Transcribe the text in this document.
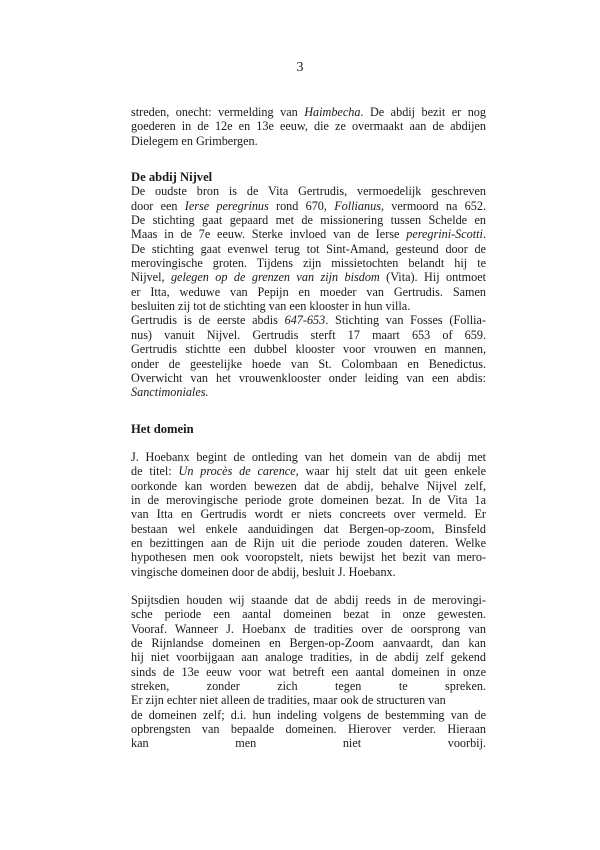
3
streden, onecht: vermelding van Haimbecha. De abdij bezit er nog
goederen in de 12e en 13e eeuw, die ze overmaakt aan de abdijen
Dielegem en Grimbergen.
De abdij Nijvel
De oudste bron is de Vita Gertrudis, vermoedelijk geschreven
door een Ierse peregrinus rond 670, Follianus, vermoord na 652.
De stichting gaat gepaard met de missionering tussen Schelde en
Maas in de 7e eeuw. Sterke invloed van de Ierse peregrini-Scotti.
De stichting gaat evenwel terug tot Sint-Amand, gesteund door de
merovingische groten. Tijdens zijn missietochten belandt hij te
Nijvel, gelegen op de grenzen van zijn bisdom (Vita). Hij ontmoet
er Itta, weduwe van Pepijn en moeder van Gertrudis. Samen
besluiten zij tot de stichting van een klooster in hun villa.
Gertrudis is de eerste abdis 647-653. Stichting van Fosses (Follia-
nus) vanuit Nijvel. Gertrudis sterft 17 maart 653 of 659.
Gertrudis stichtte een dubbel klooster voor vrouwen en mannen,
onder de geestelijke hoede van St. Colombaan en Benedictus.
Overwicht van het vrouwenklooster onder leiding van een abdis:
Sanctimoniales.
Het domein
J. Hoebanx begint de ontleding van het domein van de abdij met
de titel: Un procès de carence, waar hij stelt dat uit geen enkele
oorkonde kan worden bewezen dat de abdij, behalve Nijvel zelf,
in de merovingische periode grote domeinen bezat. In de Vita 1a
van Itta en Gertrudis wordt er niets concreets over vermeld. Er
bestaan wel enkele aanduidingen dat Bergen-op-zoom, Binsfeld
en bezittingen aan de Rijn uit die periode zouden dateren. Welke
hypothesen men ook vooropstelt, niets bewijst het bezit van mero-
vingische domeinen door de abdij, besluit J. Hoebanx.
Spijtsdien houden wij staande dat de abdij reeds in de merovingi-
sche periode een aantal domeinen bezat in onze gewesten.
Vooraf. Wanneer J. Hoebanx de tradities over de oorsprong van
de Rijnlandse domeinen en Bergen-op-Zoom aanvaardt, dan kan
hij niet voorbijgaan aan analoge tradities, in de abdij zelf gekend
sinds de 13e eeuw voor wat betreft een aantal domeinen in onze
streken, zonder zich tegen te spreken.
Er zijn echter niet alleen de tradities, maar ook de structuren van
de domeinen zelf; d.i. hun indeling volgens de bestemming van de
opbrengsten van bepaalde domeinen. Hierover verder. Hieraan
kan men niet voorbij.
